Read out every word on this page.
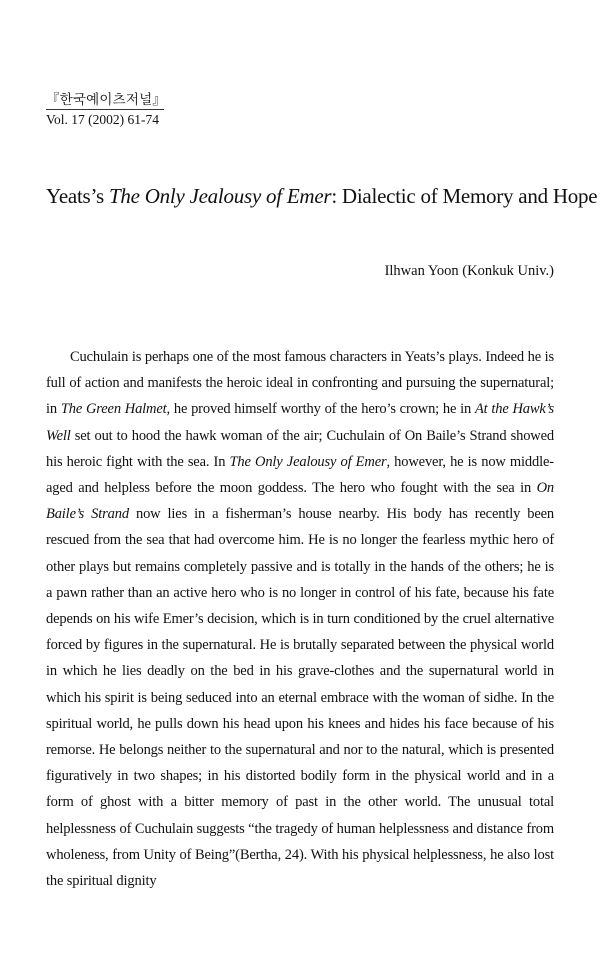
『한국예이츠저널』
Vol. 17 (2002) 61-74
Yeats’s The Only Jealousy of Emer: Dialectic of Memory and Hope
Ilhwan Yoon (Konkuk Univ.)

Cuchulain is perhaps one of the most famous characters in Yeats’s plays. Indeed he is full of action and manifests the heroic ideal in confronting and pursuing the supernatural; in The Green Halmet, he proved himself worthy of the hero’s crown; he in At the Hawk’s Well set out to hood the hawk woman of the air; Cuchulain of On Baile’s Strand showed his heroic fight with the sea. In The Only Jealousy of Emer, however, he is now middle-aged and helpless before the moon goddess. The hero who fought with the sea in On Baile’s Strand now lies in a fisherman’s house nearby. His body has recently been rescued from the sea that had overcome him. He is no longer the fearless mythic hero of other plays but remains completely passive and is totally in the hands of the others; he is a pawn rather than an active hero who is no longer in control of his fate, because his fate depends on his wife Emer’s decision, which is in turn conditioned by the cruel alternative forced by figures in the supernatural. He is brutally separated between the physical world in which he lies deadly on the bed in his grave-clothes and the supernatural world in which his spirit is being seduced into an eternal embrace with the woman of sidhe. In the spiritual world, he pulls down his head upon his knees and hides his face because of his remorse. He belongs neither to the supernatural and nor to the natural, which is presented figuratively in two shapes; in his distorted bodily form in the physical world and in a form of ghost with a bitter memory of past in the other world. The unusual total helplessness of Cuchulain suggests “the tragedy of human helplessness and distance from wholeness, from Unity of Being”(Bertha, 24). With his physical helplessness, he also lost the spiritual dignity
